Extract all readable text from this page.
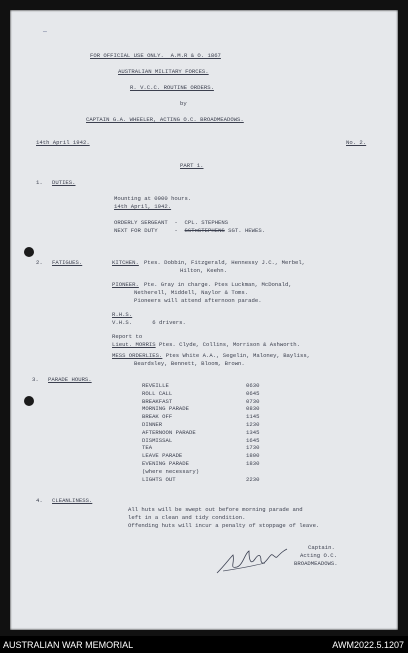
FOR OFFICIAL USE ONLY.  A.M.R & O. 1867
AUSTRALIAN MILITARY FORCES.
R. V.C.C. ROUTINE ORDERS.
by
CAPTAIN G.A. WHEELER, ACTING O.C. BROADMEADOWS.
14th April 1942.	No. 2.
PART 1.
1. DUTIES.
Mounting at 0900 hours.
14th April, 1942.
ORDERLY SERGEANT  -  CPL. STEPHENS
NEXT FOR DUTY     -  SGTxSTEPHENS SGT. HEWES.
2. FATIGUES.	KITCHEN. Ptes. Dobbin, Fitzgerald, Hennessy J.C., Merbel,
Hilton, Keehn.
PIONEER. Pte. Gray in charge. Ptes Luckman, McDonald,
Netherell, Middell, Naylor & Toms.
Pioneers will attend afternoon parade.
R.H.S.
V.H.S.      6 drivers.
Report to
Lieut. MORRIS Ptes. Clyde, Collins, Morrison & Ashworth.
MESS ORDERLIES. Ptes White A.A., Segelin, Maloney, Bayliss,
Beardsley, Bennett, Bloom, Brown.
3. PARADE HOURS.
4. CLEANLINESS.
All huts will be swept out before morning parade and
left in a clean and tidy condition.
Offending huts will incur a penalty of stoppage of leave.
Captain.
Acting O.C.
BROADMEADOWS.
▔
REVEILLE	0630
ROLL CALL	0645
BREAKFAST	0730
MORNING PARADE	0830
BREAK OFF	1145
DINNER	1230
AFTERNOON PARADE	1345
DISMISSAL	1645
TEA	1730
LEAVE PARADE	1800
EVENING PARADE	1830
(where necessary)
LIGHTS OUT	2230
AUSTRALIAN WAR MEMORIAL	AWM2022.5.1207
